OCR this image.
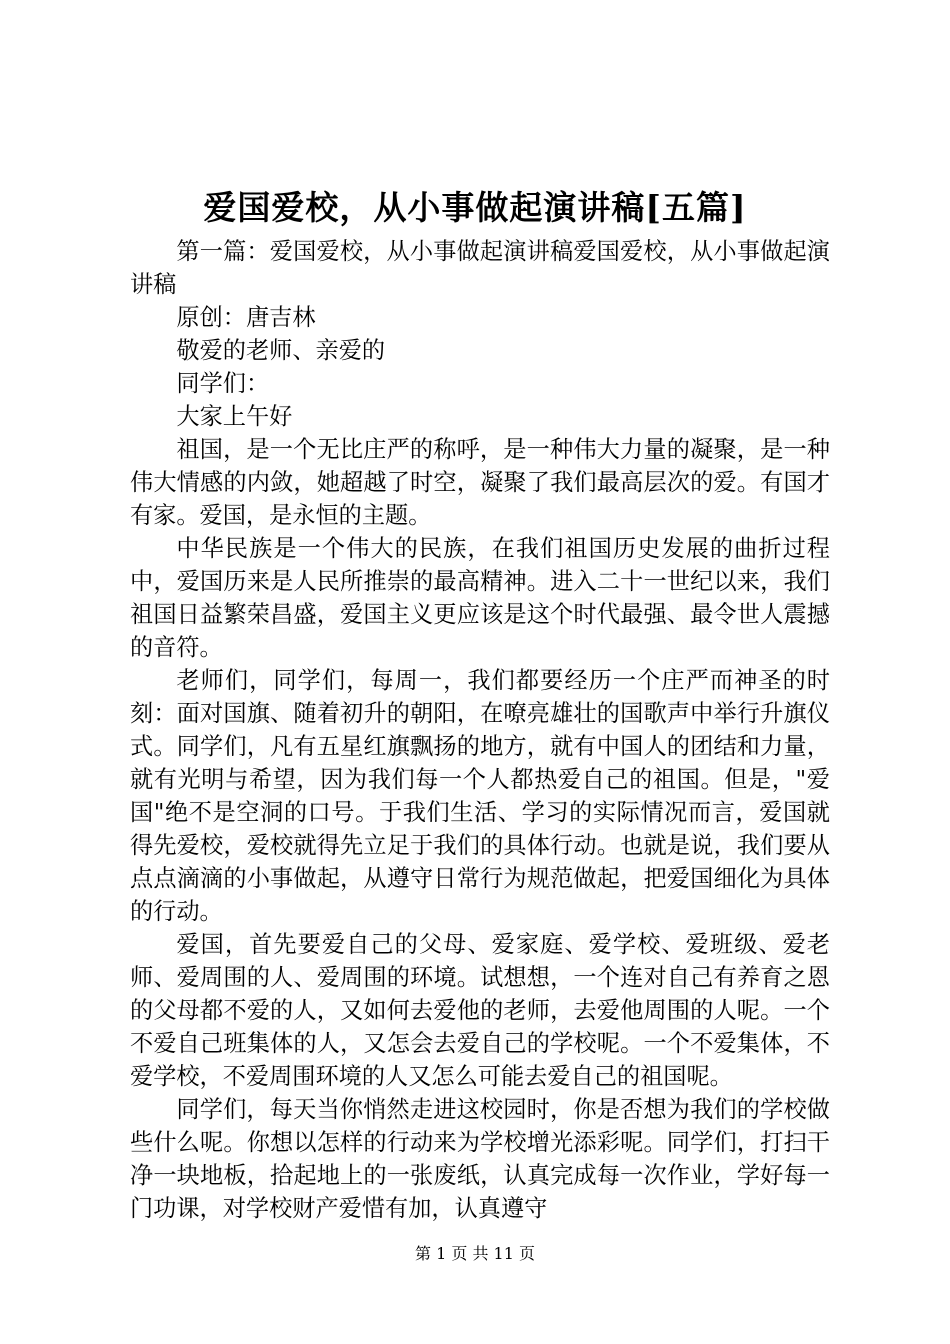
爱国爱校，从小事做起演讲稿[五篇]

第一篇：爱国爱校，从小事做起演讲稿爱国爱校，从小事做起演讲稿

原创：唐吉林

敬爱的老师、亲爱的

同学们：

大家上午好

祖国，是一个无比庄严的称呼，是一种伟大力量的凝聚，是一种伟大情感的内敛，她超越了时空，凝聚了我们最高层次的爱。有国才有家。爱国，是永恒的主题。

中华民族是一个伟大的民族，在我们祖国历史发展的曲折过程中，爱国历来是人民所推崇的最高精神。进入二十一世纪以来，我们祖国日益繁荣昌盛，爱国主义更应该是这个时代最强、最令世人震撼的音符。

老师们，同学们，每周一，我们都要经历一个庄严而神圣的时刻：面对国旗、随着初升的朝阳，在嘹亮雄壮的国歌声中举行升旗仪式。同学们，凡有五星红旗飘扬的地方，就有中国人的团结和力量，就有光明与希望，因为我们每一个人都热爱自己的祖国。但是，"爱国"绝不是空洞的口号。于我们生活、学习的实际情况而言，爱国就得先爱校，爱校就得先立足于我们的具体行动。也就是说，我们要从点点滴滴的小事做起，从遵守日常行为规范做起，把爱国细化为具体的行动。

爱国，首先要爱自己的父母、爱家庭、爱学校、爱班级、爱老师、爱周围的人、爱周围的环境。试想想，一个连对自己有养育之恩的父母都不爱的人，又如何去爱他的老师，去爱他周围的人呢。一个不爱自己班集体的人，又怎会去爱自己的学校呢。一个不爱集体，不爱学校，不爱周围环境的人又怎么可能去爱自己的祖国呢。

同学们，每天当你悄然走进这校园时，你是否想为我们的学校做些什么呢。你想以怎样的行动来为学校增光添彩呢。同学们，打扫干净一块地板，拾起地上的一张废纸，认真完成每一次作业，学好每一门功课，对学校财产爱惜有加，认真遵守

第 1 页 共 11 页
